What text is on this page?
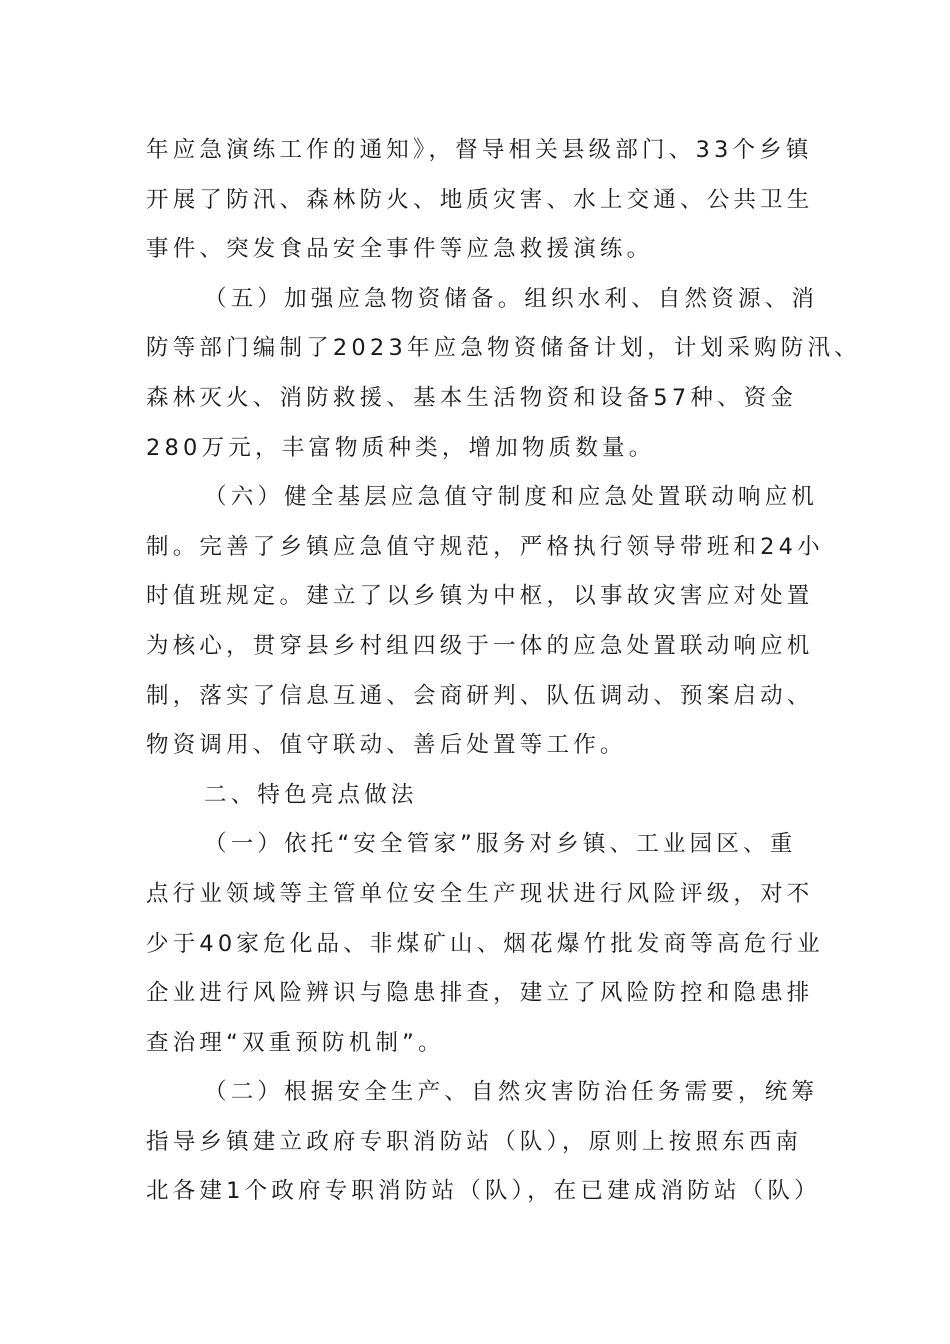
年应急演练工作的通知》，督导相关县级部门、33个乡镇
开展了防汛、森林防火、地质灾害、水上交通、公共卫生
事件、突发食品安全事件等应急救援演练。
（五）加强应急物资储备。组织水利、自然资源、消
防等部门编制了2023年应急物资储备计划，计划采购防汛、
森林灭火、消防救援、基本生活物资和设备57种、资金
280万元，丰富物质种类，增加物质数量。
（六）健全基层应急值守制度和应急处置联动响应机
制。完善了乡镇应急值守规范，严格执行领导带班和24小
时值班规定。建立了以乡镇为中枢，以事故灾害应对处置
为核心，贯穿县乡村组四级于一体的应急处置联动响应机
制，落实了信息互通、会商研判、队伍调动、预案启动、
物资调用、值守联动、善后处置等工作。
二、特色亮点做法
（一）依托“安全管家”服务对乡镇、工业园区、重
点行业领域等主管单位安全生产现状进行风险评级，对不
少于40家危化品、非煤矿山、烟花爆竹批发商等高危行业
企业进行风险辨识与隐患排查，建立了风险防控和隐患排
查治理“双重预防机制”。
（二）根据安全生产、自然灾害防治任务需要，统筹
指导乡镇建立政府专职消防站（队），原则上按照东西南
北各建1个政府专职消防站（队），在已建成消防站（队）
